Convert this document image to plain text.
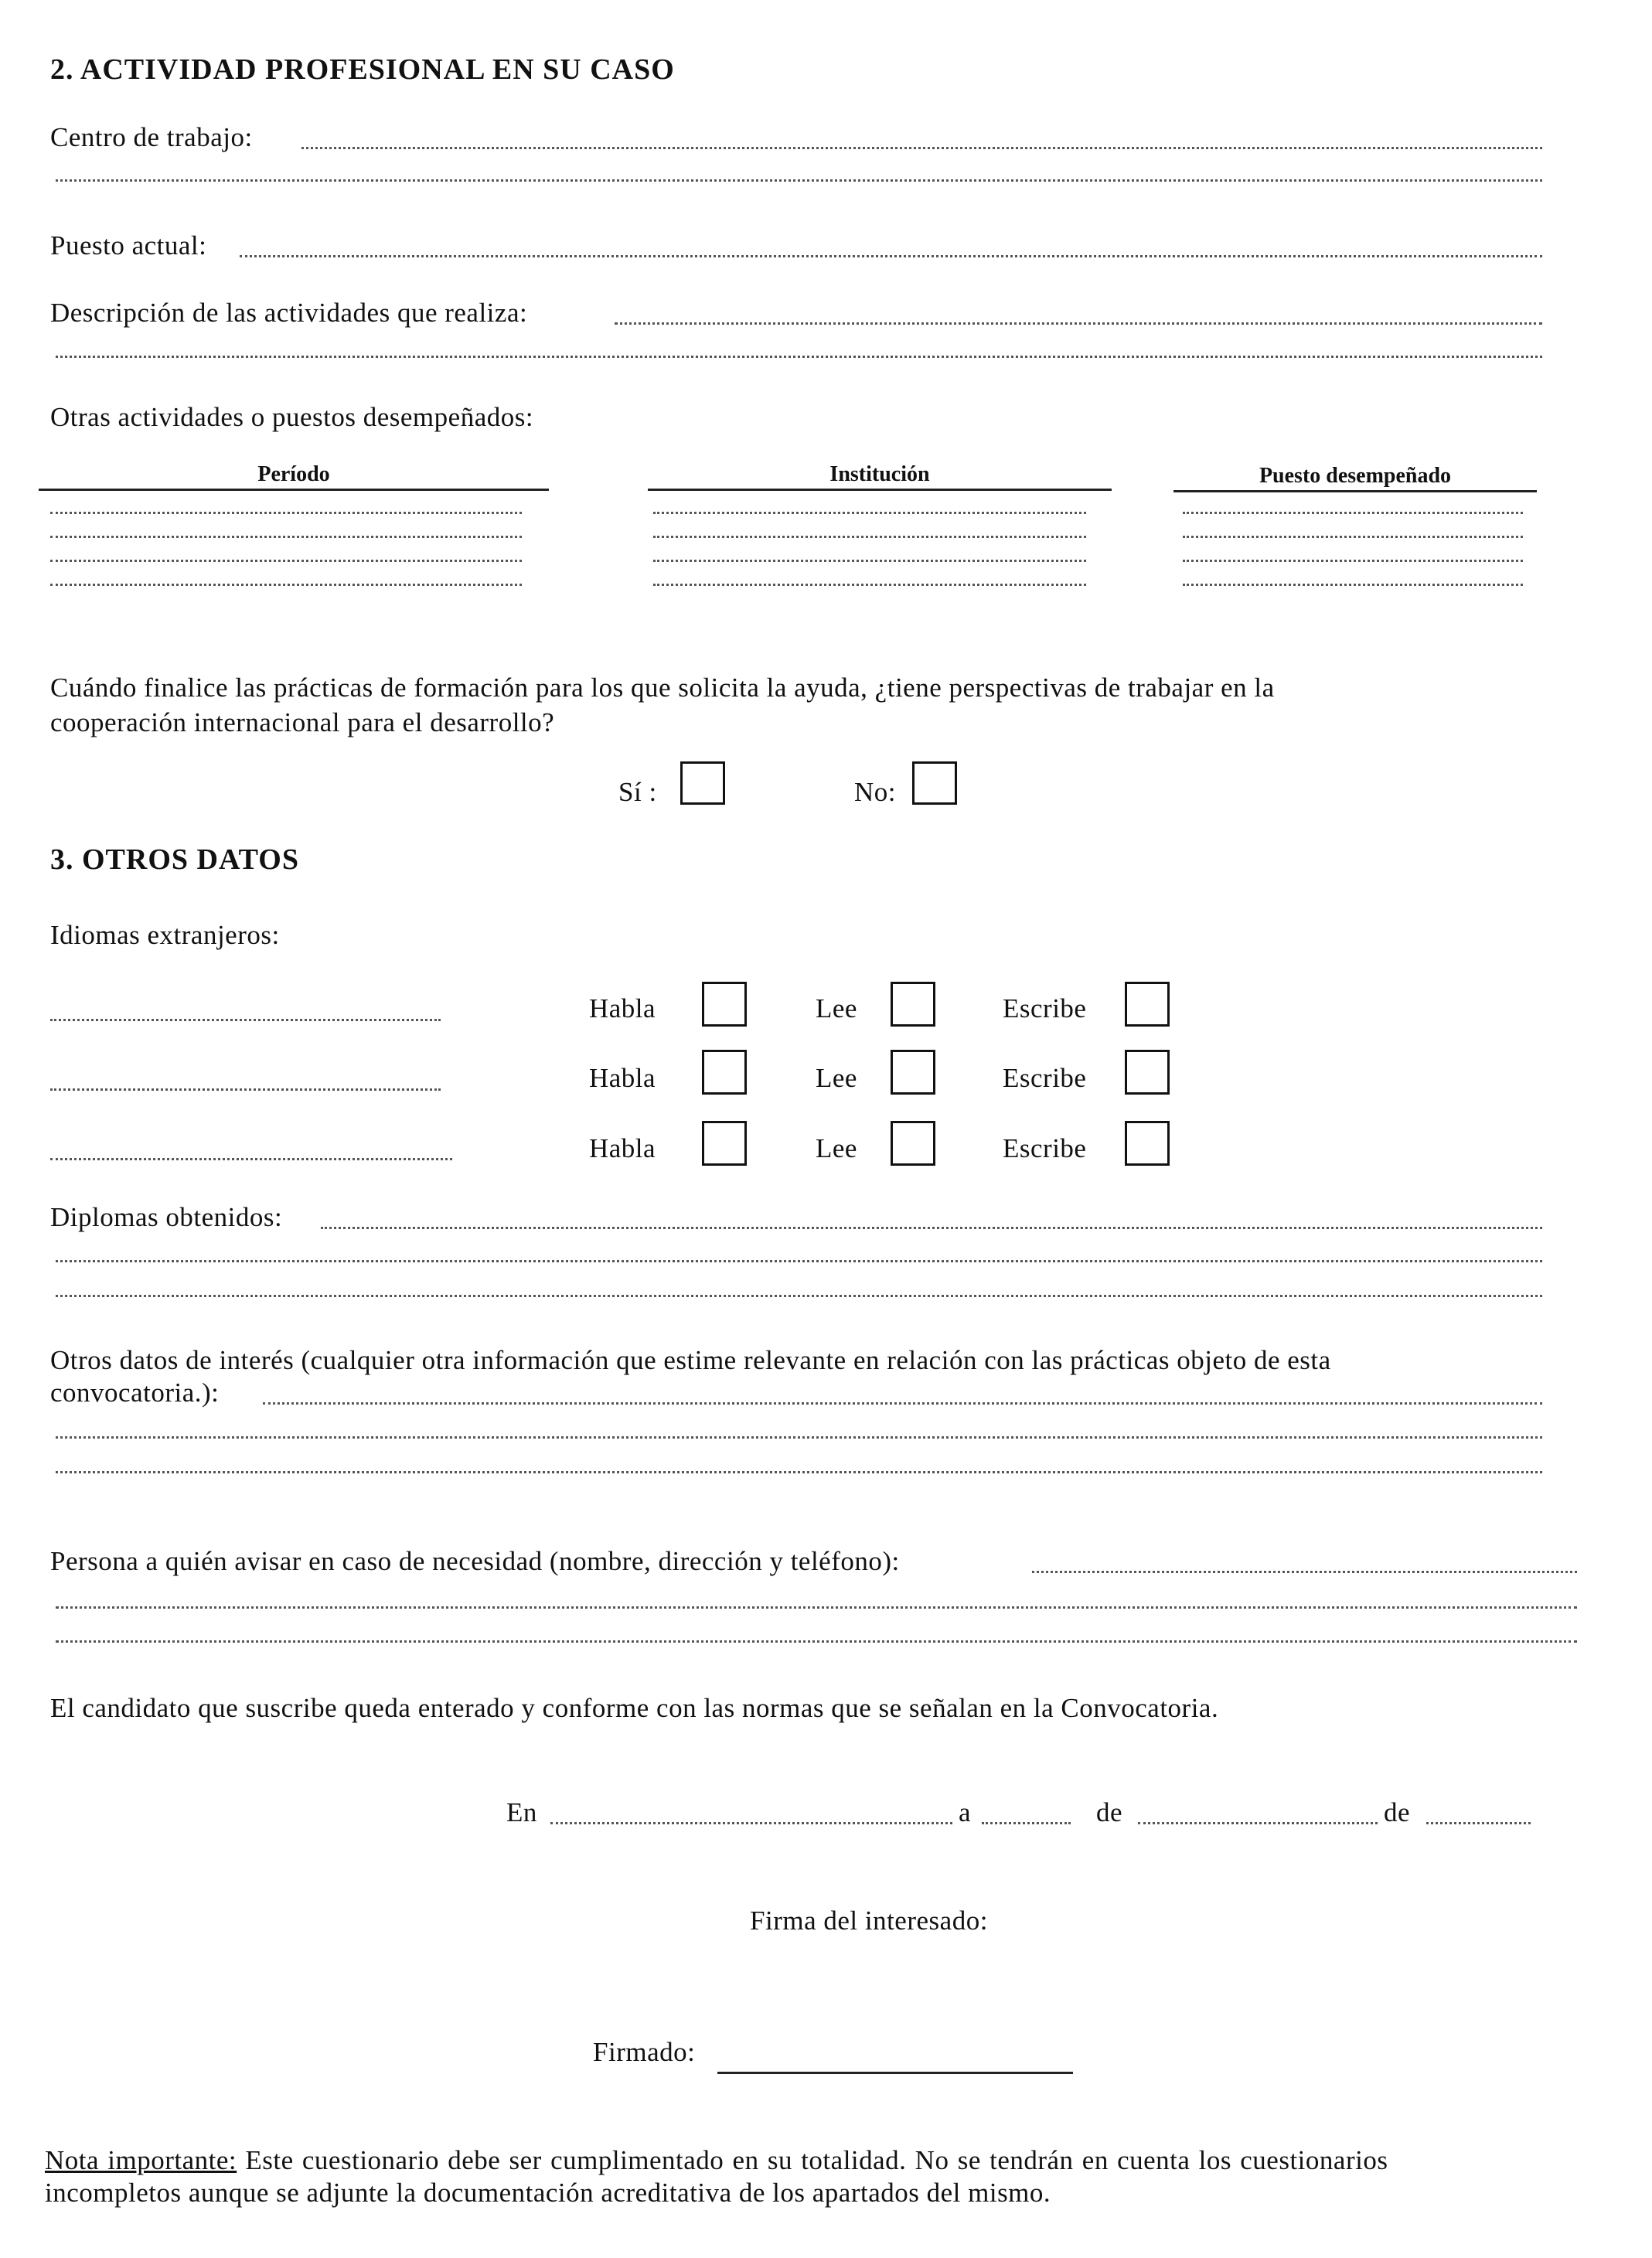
2. ACTIVIDAD PROFESIONAL EN SU CASO
Centro de trabajo:
Puesto actual:
Descripción de las actividades que realiza:
Otras actividades o puestos desempeñados:
Período	Institución	Puesto desempeñado
Cuándo finalice las prácticas de formación para los que solicita la ayuda, ¿tiene perspectivas de trabajar en la
cooperación internacional para el desarrollo?
Sí :	No:
3. OTROS DATOS
Idiomas extranjeros:
Habla	Lee	Escribe
Habla	Lee	Escribe
Habla	Lee	Escribe
Diplomas obtenidos:
Otros datos de interés (cualquier otra información que estime relevante en relación con las prácticas objeto de esta
convocatoria.):
Persona a quién avisar en caso de necesidad (nombre, dirección y teléfono):
El candidato que suscribe queda enterado y conforme con las normas que se señalan en la Convocatoria.
En	a	de	de
Firma del interesado:
Firmado:
Nota importante: Este cuestionario debe ser cumplimentado en su totalidad. No se tendrán en cuenta los cuestionarios
incompletos aunque se adjunte la documentación acreditativa de los apartados del mismo.
